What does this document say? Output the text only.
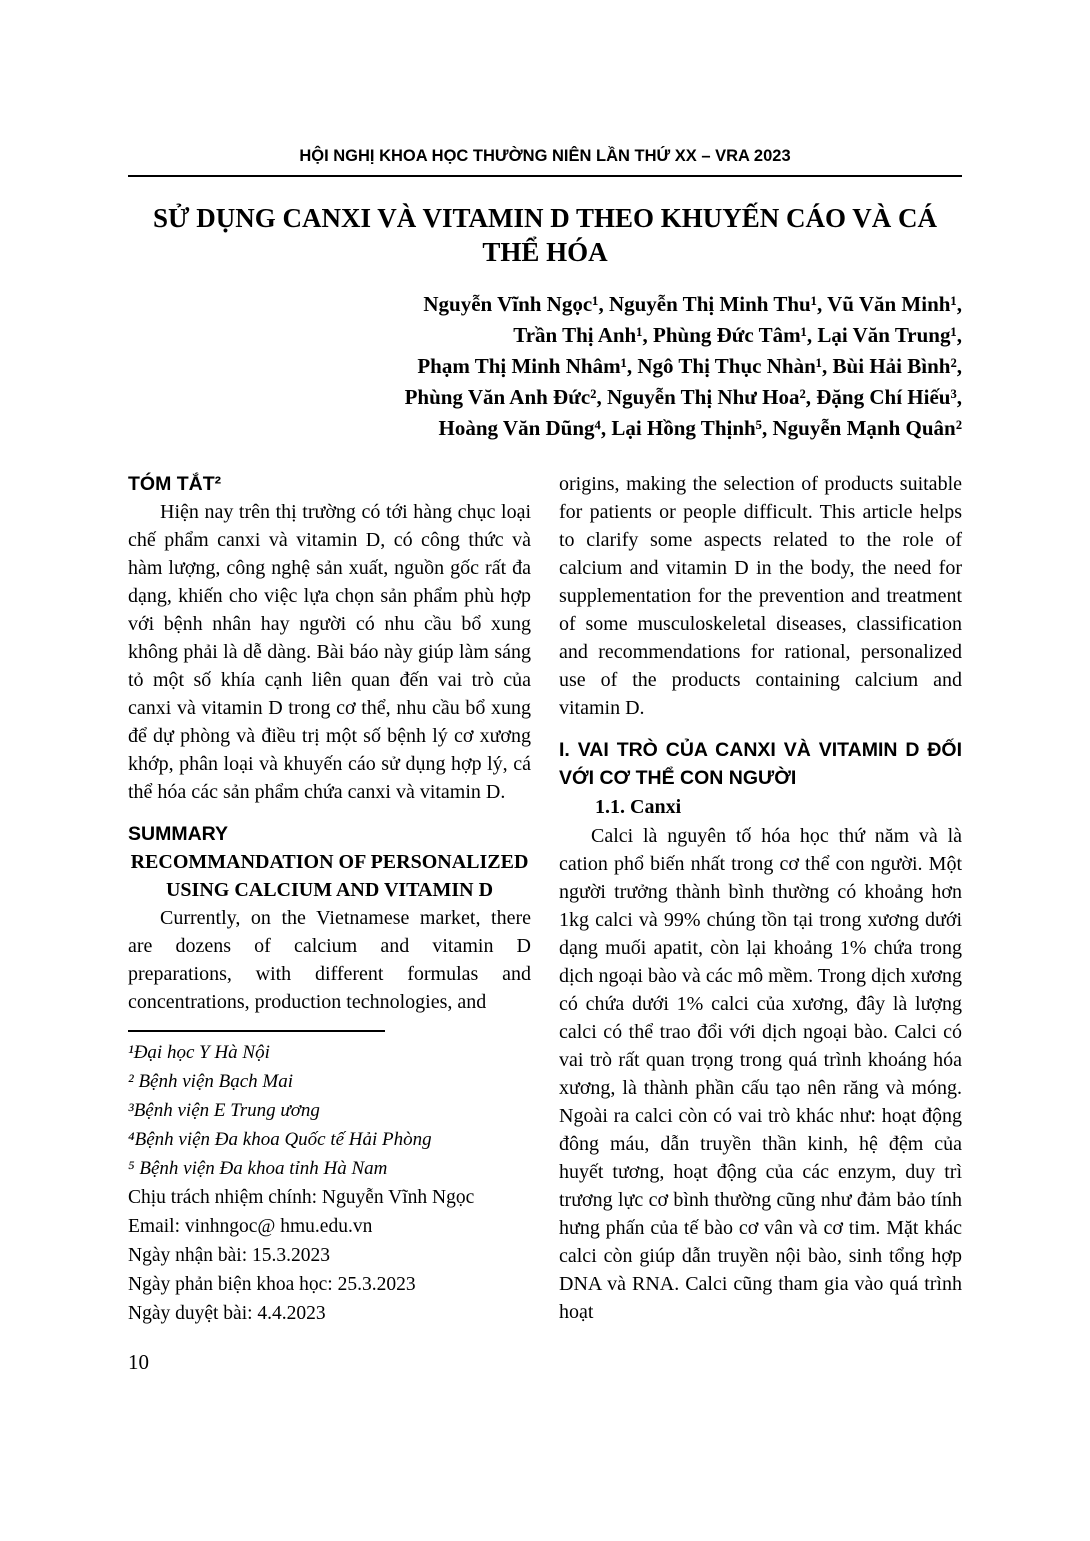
HỘI NGHỊ KHOA HỌC THƯỜNG NIÊN LẦN THỨ XX – VRA 2023
SỬ DỤNG CANXI VÀ VITAMIN D THEO KHUYẾN CÁO VÀ CÁ THỂ HÓA
Nguyễn Vĩnh Ngọc¹, Nguyễn Thị Minh Thu¹, Vũ Văn Minh¹,
Trần Thị Anh¹, Phùng Đức Tâm¹, Lại Văn Trung¹,
Phạm Thị Minh Nhâm¹, Ngô Thị Thục Nhàn¹, Bùi Hải Bình²,
Phùng Văn Anh Đức², Nguyễn Thị Như Hoa², Đặng Chí Hiếu³,
Hoàng Văn Dũng⁴, Lại Hồng Thịnh⁵, Nguyễn Mạnh Quân²
TÓM TẮT²

Hiện nay trên thị trường có tới hàng chục loại chế phẩm canxi và vitamin D, có công thức và hàm lượng, công nghệ sản xuất, nguồn gốc rất đa dạng, khiến cho việc lựa chọn sản phẩm phù hợp với bệnh nhân hay người có nhu cầu bổ xung không phải là dễ dàng. Bài báo này giúp làm sáng tỏ một số khía cạnh liên quan đến vai trò của canxi và vitamin D trong cơ thể, nhu cầu bổ xung để dự phòng và điều trị một số bệnh lý cơ xương khớp, phân loại và khuyến cáo sử dụng hợp lý, cá thể hóa các sản phẩm chứa canxi và vitamin D.

SUMMARY
RECOMMANDATION OF PERSONALIZED USING CALCIUM AND VITAMIN D

Currently, on the Vietnamese market, there are dozens of calcium and vitamin D preparations, with different formulas and concentrations, production technologies, and

¹Đại học Y Hà Nội
² Bệnh viện Bạch Mai
³Bệnh viện E Trung ương
⁴Bệnh viện Đa khoa Quốc tế Hải Phòng
⁵ Bệnh viện Đa khoa tỉnh Hà Nam
Chịu trách nhiệm chính: Nguyễn Vĩnh Ngọc
Email: vinhngoc@ hmu.edu.vn
Ngày nhận bài: 15.3.2023
Ngày phản biện khoa học: 25.3.2023
Ngày duyệt bài: 4.4.2023

origins, making the selection of products suitable for patients or people difficult. This article helps to clarify some aspects related to the role of calcium and vitamin D in the body, the need for supplementation for the prevention and treatment of some musculoskeletal diseases, classification and recommendations for rational, personalized use of the products containing calcium and vitamin D.

I. VAI TRÒ CỦA CANXI VÀ VITAMIN D ĐỐI VỚI CƠ THỂ CON NGƯỜI
1.1. Canxi

Calci là nguyên tố hóa học thứ năm và là cation phổ biến nhất trong cơ thể con người. Một người trưởng thành bình thường có khoảng hơn 1kg calci và 99% chúng tồn tại trong xương dưới dạng muối apatit, còn lại khoảng 1% chứa trong dịch ngoại bào và các mô mềm. Trong dịch xương có chứa dưới 1% calci của xương, đây là lượng calci có thể trao đổi với dịch ngoại bào. Calci có vai trò rất quan trọng trong quá trình khoáng hóa xương, là thành phần cấu tạo nên răng và móng. Ngoài ra calci còn có vai trò khác như: hoạt động đông máu, dẫn truyền thần kinh, hệ đệm của huyết tương, hoạt động của các enzym, duy trì trương lực cơ bình thường cũng như đảm bảo tính hưng phấn của tế bào cơ vân và cơ tim. Mặt khác calci còn giúp dẫn truyền nội bào, sinh tổng hợp DNA và RNA. Calci cũng tham gia vào quá trình hoạt

10
